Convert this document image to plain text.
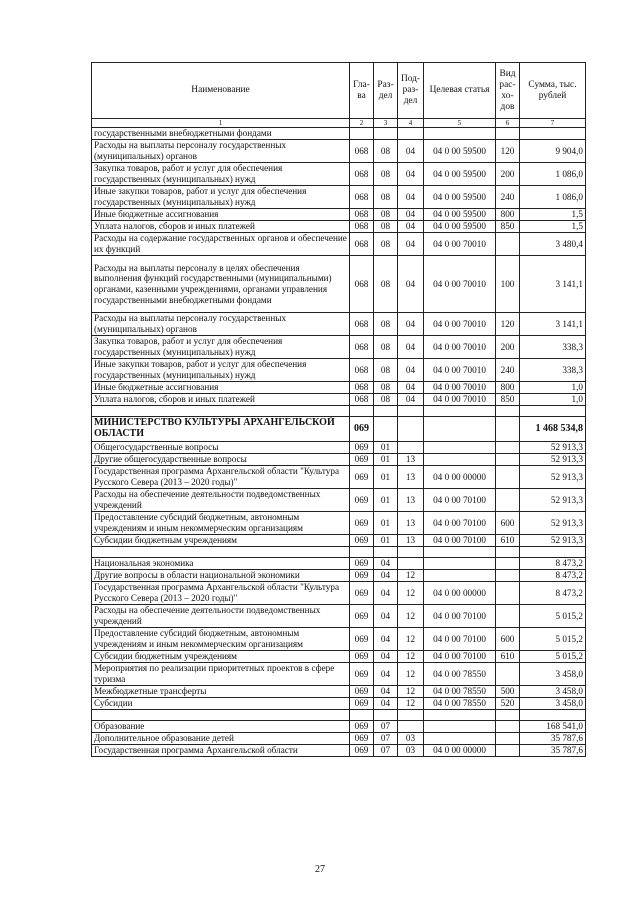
Наименование	Гла-ва	Раз-дел	Под-раз-дел	Целевая статья	Вид рас-хо-дов	Сумма, тыс. рублей
1	2	3	4	5	6	7
государственными внебюджетными фондами						
Расходы на выплаты персоналу государственных (муниципальных) органов	068	08	04	04 0 00 59500	120	9 904,0
Закупка товаров, работ и услуг для обеспечения государственных (муниципальных) нужд	068	08	04	04 0 00 59500	200	1 086,0
Иные закупки товаров, работ и услуг для обеспечения государственных (муниципальных) нужд	068	08	04	04 0 00 59500	240	1 086,0
Иные бюджетные ассигнования	068	08	04	04 0 00 59500	800	1,5
Уплата налогов, сборов и иных платежей	068	08	04	04 0 00 59500	850	1,5
Расходы на содержание государственных органов и обеспечение их функций	068	08	04	04 0 00 70010		3 480,4
Расходы на выплаты персоналу в целях обеспечения выполнения функций государственными (муниципальными) органами, казенными учреждениями, органами управления государственными внебюджетными фондами	068	08	04	04 0 00 70010	100	3 141,1
Расходы на выплаты персоналу государственных (муниципальных) органов	068	08	04	04 0 00 70010	120	3 141,1
Закупка товаров, работ и услуг для обеспечения государственных (муниципальных) нужд	068	08	04	04 0 00 70010	200	338,3
Иные закупки товаров, работ и услуг для обеспечения государственных (муниципальных) нужд	068	08	04	04 0 00 70010	240	338,3
Иные бюджетные ассигнования	068	08	04	04 0 00 70010	800	1,0
Уплата налогов, сборов и иных платежей	068	08	04	04 0 00 70010	850	1,0

МИНИСТЕРСТВО КУЛЬТУРЫ АРХАНГЕЛЬСКОЙ ОБЛАСТИ	069					1 468 534,8
Общегосударственные вопросы	069	01				52 913,3
Другие общегосударственные вопросы	069	01	13			52 913,3
Государственная программа Архангельской области "Культура Русского Севера (2013 – 2020 годы)"	069	01	13	04 0 00 00000		52 913,3
Расходы на обеспечение деятельности подведомственных учреждений	069	01	13	04 0 00 70100		52 913,3
Предоставление субсидий бюджетным, автономным учреждениям и иным некоммерческим организациям	069	01	13	04 0 00 70100	600	52 913,3
Субсидии бюджетным учреждениям	069	01	13	04 0 00 70100	610	52 913,3

Национальная экономика	069	04				8 473,2
Другие вопросы в области национальной экономики	069	04	12			8 473,2
Государственная программа Архангельской области "Культура Русского Севера (2013 – 2020 годы)"	069	04	12	04 0 00 00000		8 473,2
Расходы на обеспечение деятельности подведомственных учреждений	069	04	12	04 0 00 70100		5 015,2
Предоставление субсидий бюджетным, автономным учреждениям и иным некоммерческим организациям	069	04	12	04 0 00 70100	600	5 015,2
Субсидии бюджетным учреждениям	069	04	12	04 0 00 70100	610	5 015,2
Мероприятия по реализации приоритетных проектов в сфере туризма	069	04	12	04 0 00 78550		3 458,0
Межбюджетные трансферты	069	04	12	04 0 00 78550	500	3 458,0
Субсидии	069	04	12	04 0 00 78550	520	3 458,0

Образование	069	07				168 541,0
Дополнительное образование детей	069	07	03			35 787,6
Государственная программа Архангельской области	069	07	03	04 0 00 00000		35 787,6
27
